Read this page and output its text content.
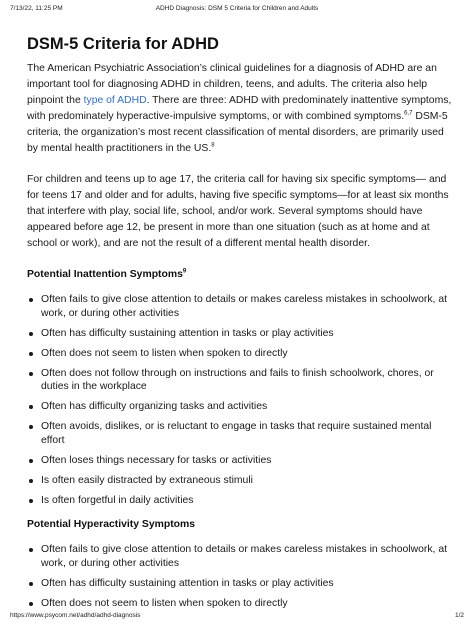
7/13/22, 11:25 PM	ADHD Diagnosis: DSM 5 Criteria for Children and Adults
DSM-5 Criteria for ADHD

The American Psychiatric Association’s clinical guidelines for a diagnosis of ADHD are an important tool for diagnosing ADHD in children, teens, and adults. The criteria also help pinpoint the type of ADHD. There are three: ADHD with predominately inattentive symptoms, with predominately hyperactive-impulsive symptoms, or with combined symptoms.$^{6,7}$ DSM-5 criteria, the organization’s most recent classification of mental disorders, are primarily used by mental health practitioners in the US.$^8$

For children and teens up to age 17, the criteria call for having six specific symptoms— and for teens 17 and older and for adults, having five specific symptoms—for at least six months that interfere with play, social life, school, and/or work. Several symptoms should have appeared before age 12, be present in more than one situation (such as at home and at school or work), and are not the result of a different mental health disorder.

Potential Inattention Symptoms$^9$
Often fails to give close attention to details or makes careless mistakes in schoolwork, at work, or during other activities
Often has difficulty sustaining attention in tasks or play activities
Often does not seem to listen when spoken to directly
Often does not follow through on instructions and fails to finish schoolwork, chores, or duties in the workplace
Often has difficulty organizing tasks and activities
Often avoids, dislikes, or is reluctant to engage in tasks that require sustained mental effort
Often loses things necessary for tasks or activities
Is often easily distracted by extraneous stimuli
Is often forgetful in daily activities
Potential Hyperactivity Symptoms
Often fails to give close attention to details or makes careless mistakes in schoolwork, at work, or during other activities
Often has difficulty sustaining attention in tasks or play activities
Often does not seem to listen when spoken to directly
https://www.psycom.net/adhd/adhd-diagnosis	1/2
